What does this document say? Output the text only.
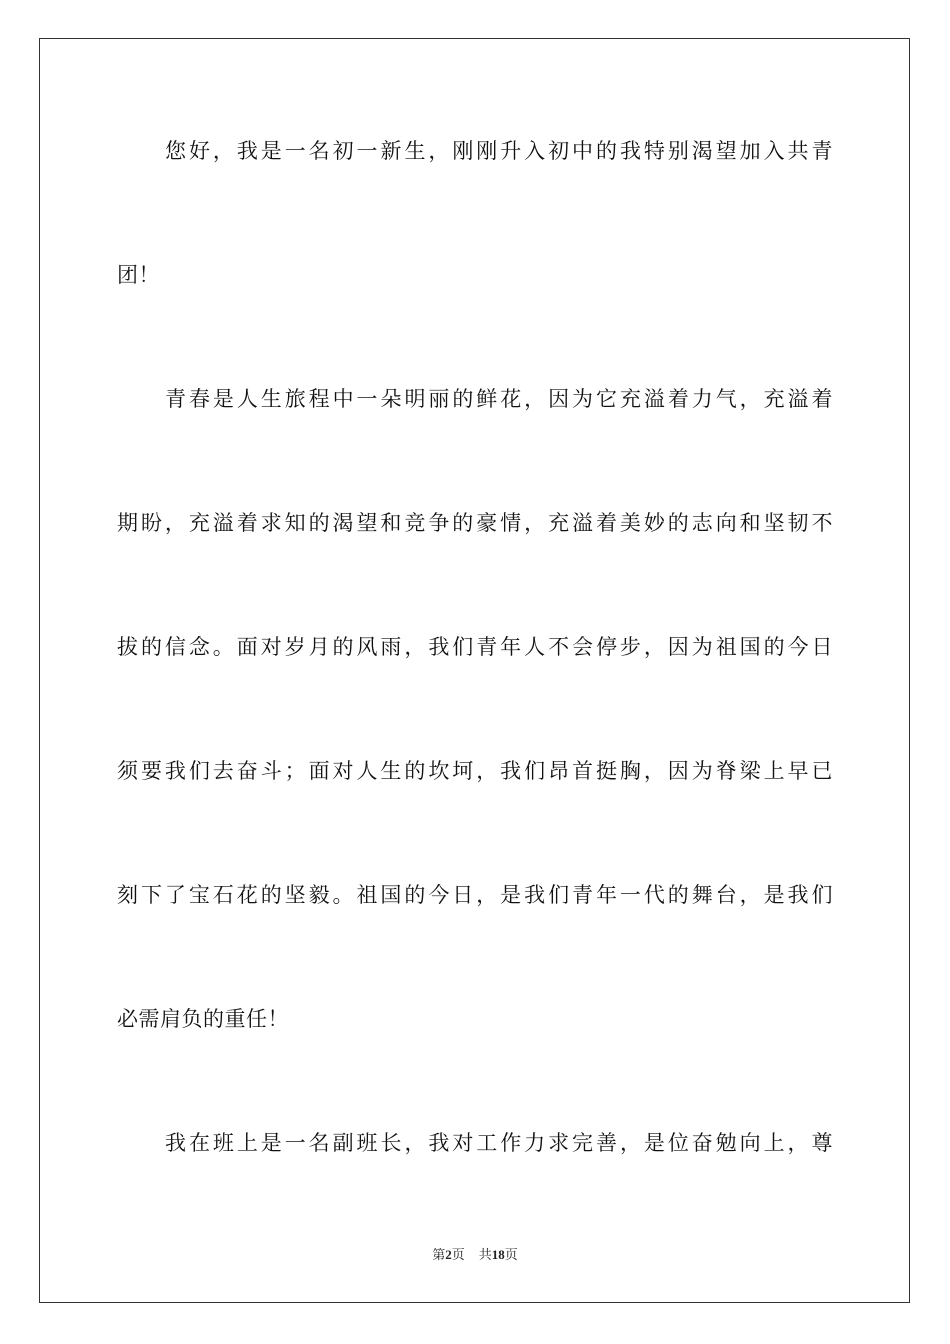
您好，我是一名初一新生，刚刚升入初中的我特别渴望加入共青
团！
青春是人生旅程中一朵明丽的鲜花，因为它充溢着力气，充溢着
期盼，充溢着求知的渴望和竞争的豪情，充溢着美妙的志向和坚韧不
拔的信念。面对岁月的风雨，我们青年人不会停步，因为祖国的今日
须要我们去奋斗；面对人生的坎坷，我们昂首挺胸，因为脊梁上早已
刻下了宝石花的坚毅。祖国的今日，是我们青年一代的舞台，是我们
必需肩负的重任！
我在班上是一名副班长，我对工作力求完善，是位奋勉向上，尊
第2页 共18页
